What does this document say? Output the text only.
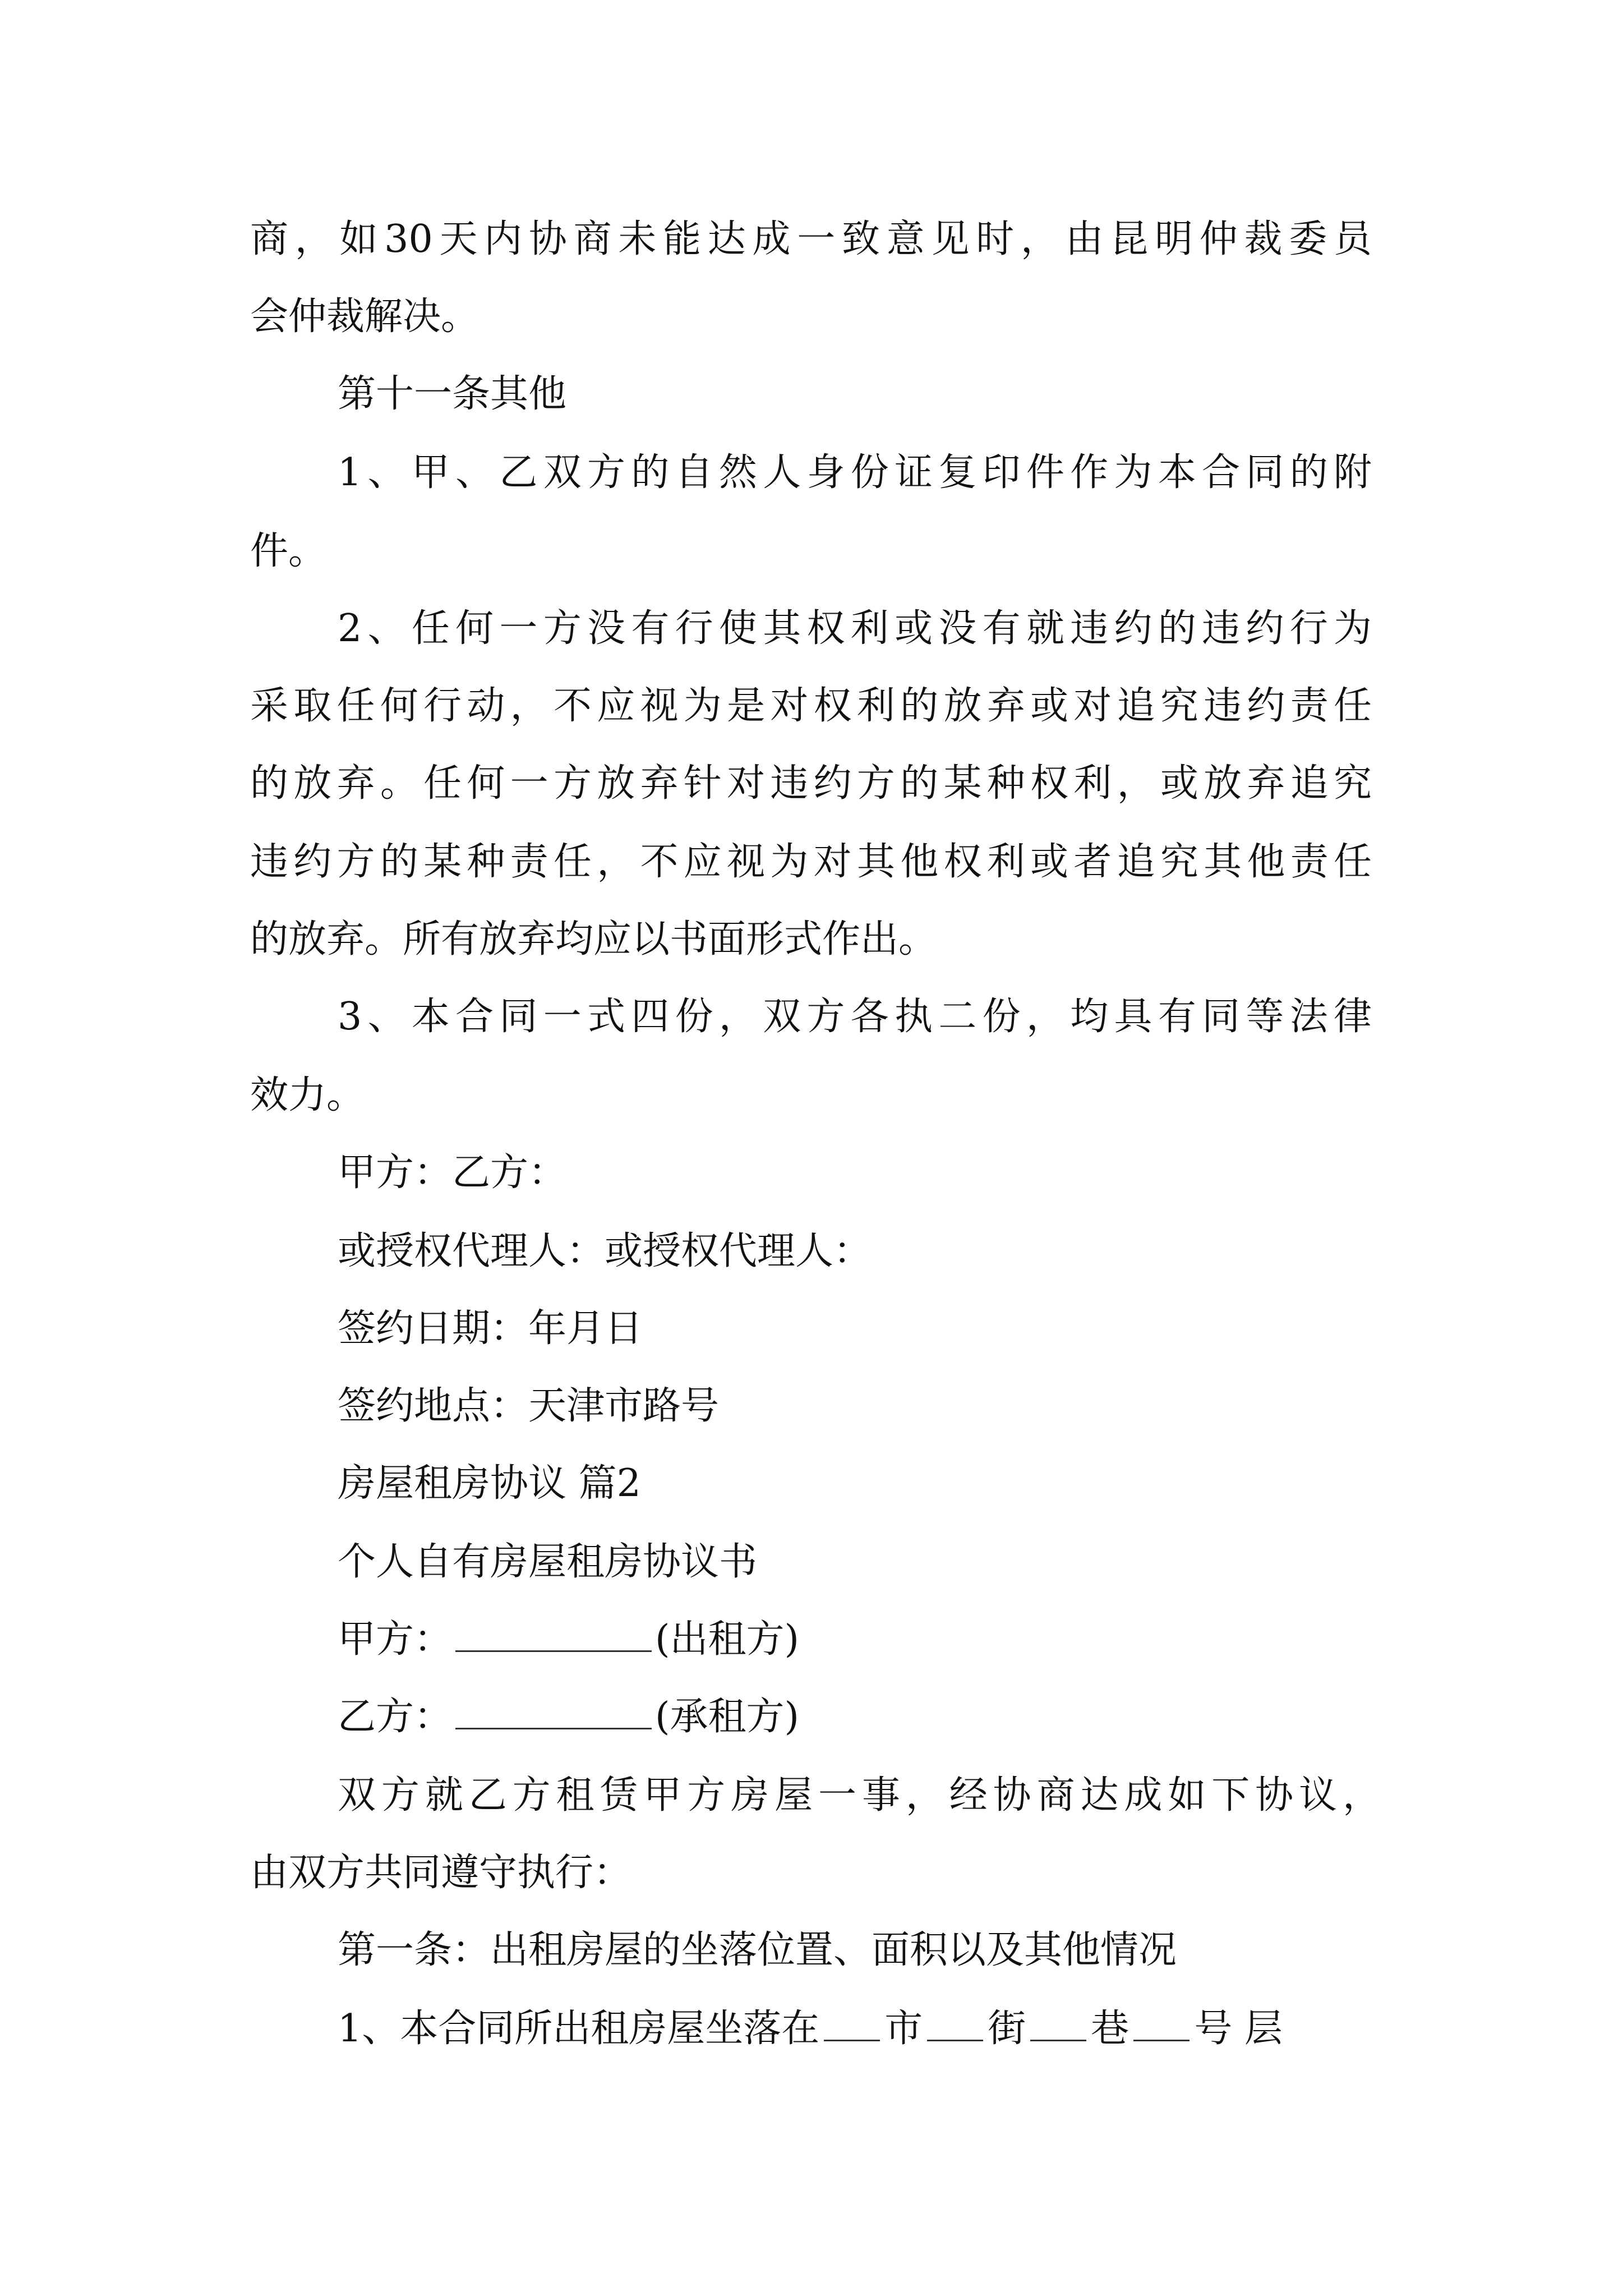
商，如30天内协商未能达成一致意见时，由昆明仲裁委员

会仲裁解决。

第十一条其他

1、甲、乙双方的自然人身份证复印件作为本合同的附

件。

2、任何一方没有行使其权利或没有就违约的违约行为

采取任何行动，不应视为是对权利的放弃或对追究违约责任

的放弃。任何一方放弃针对违约方的某种权利，或放弃追究

违约方的某种责任，不应视为对其他权利或者追究其他责任

的放弃。所有放弃均应以书面形式作出。

3、本合同一式四份，双方各执二份，均具有同等法律

效力。

甲方：乙方：

或授权代理人：或授权代理人：

签约日期：年月日

签约地点：天津市路号

房屋租房协议 篇2

个人自有房屋租房协议书

甲方：	(出租方)

乙方：	(承租方)

双方就乙方租赁甲方房屋一事，经协商达成如下协议，

由双方共同遵守执行：

第一条：出租房屋的坐落位置、面积以及其他情况

1、本合同所出租房屋坐落在 市 街 巷 号 层
